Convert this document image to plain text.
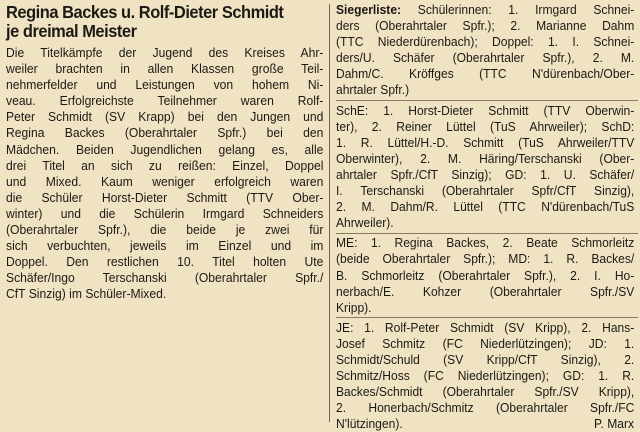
Regina Backes u. Rolf-Dieter Schmidt
je dreimal Meister
Die Titelkämpfe der Jugend des Kreises Ahr-
weiler brachten in allen Klassen große Teil-
nehmerfelder und Leistungen von hohem Ni-
veau. Erfolgreichste Teilnehmer waren Rolf-
Peter Schmidt (SV Krapp) bei den Jungen und
Regina Backes (Oberahrtaler Spfr.) bei den
Mädchen. Beiden Jugendlichen gelang es, alle
drei Titel an sich zu reißen: Einzel, Doppel
und Mixed. Kaum weniger erfolgreich waren
die Schüler Horst-Dieter Schmitt (TTV Ober-
winter) und die Schülerin Irmgard Schneiders
(Oberahrtaler Spfr.), die beide je zwei für
sich verbuchten, jeweils im Einzel und im
Doppel. Den restlichen 10. Titel holten Ute
Schäfer/Ingo Terschanski (Oberahrtaler Spfr./
CfT Sinzig) im Schüler-Mixed.
Siegerliste: Schülerinnen: 1. Irmgard Schnei-
ders (Oberahrtaler Spfr.); 2. Marianne Dahm
(TTC Niederdürenbach); Doppel: 1. I. Schnei-
ders/U. Schäfer (Oberahrtaler Spfr.), 2. M.
Dahm/C. Kröffges (TTC N'dürenbach/Ober-
ahrtaler Spfr.)
SchE: 1. Horst-Dieter Schmitt (TTV Oberwin-
ter), 2. Reiner Lüttel (TuS Ahrweiler); SchD:
1. R. Lüttel/H.-D. Schmitt (TuS Ahrweiler/TTV
Oberwinter), 2. M. Häring/Terschanski (Ober-
ahrtaler Spfr./CfT Sinzig); GD: 1. U. Schäfer/
I. Terschanski (Oberahrtaler Spfr/CfT Sinzig),
2. M. Dahm/R. Lüttel (TTC N'dürenbach/TuS
Ahrweiler).
ME: 1. Regina Backes, 2. Beate Schmorleitz
(beide Oberahrtaler Spfr.); MD: 1. R. Backes/
B. Schmorleitz (Oberahrtaler Spfr.), 2. I. Ho-
nerbach/E. Kohzer (Oberahrtaler Spfr./SV
Kripp).
JE: 1. Rolf-Peter Schmidt (SV Kripp), 2. Hans-
Josef Schmitz (FC Niederlützingen); JD: 1.
Schmidt/Schuld (SV Kripp/CfT Sinzig), 2.
Schmitz/Hoss (FC Niederlützingen); GD: 1. R.
Backes/Schmidt (Oberahrtaler Spfr./SV Kripp),
2. Honerbach/Schmitz (Oberahrtaler Spfr./FC
N'lützingen).	P. Marx
